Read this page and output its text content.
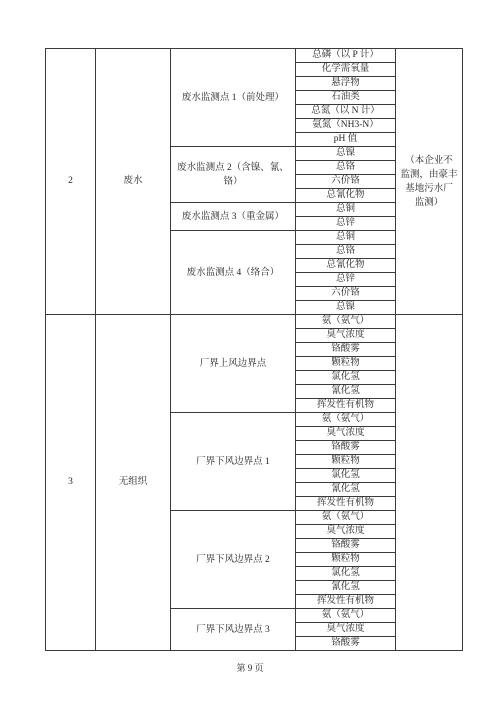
2	废水
（本企业不
监测，由豪丰
基地污水厂
监测）
废水监测点 1（前处理）
总磷（以 P 计）
化学需氧量
悬浮物
石油类
总氮（以 N 计）
氨氮（NH3-N）
pH 值
废水监测点 2（含镍、氰、铬）
总镍
总铬
六价铬
总氰化物
废水监测点 3（重金属）
总铜
总锌
废水监测点 4（络合）
总铜
总铬
总氰化物
总锌
六价铬
总镍
3	无组织
厂界上风边界点
氨（氨气）
臭气浓度
铬酸雾
颗粒物
氯化氢
氰化氢
挥发性有机物
厂界下风边界点 1
氨（氨气）
臭气浓度
铬酸雾
颗粒物
氯化氢
氰化氢
挥发性有机物
厂界下风边界点 2
氨（氨气）
臭气浓度
铬酸雾
颗粒物
氯化氢
氰化氢
挥发性有机物
厂界下风边界点 3
氨（氨气）
臭气浓度
铬酸雾
第 9 页
